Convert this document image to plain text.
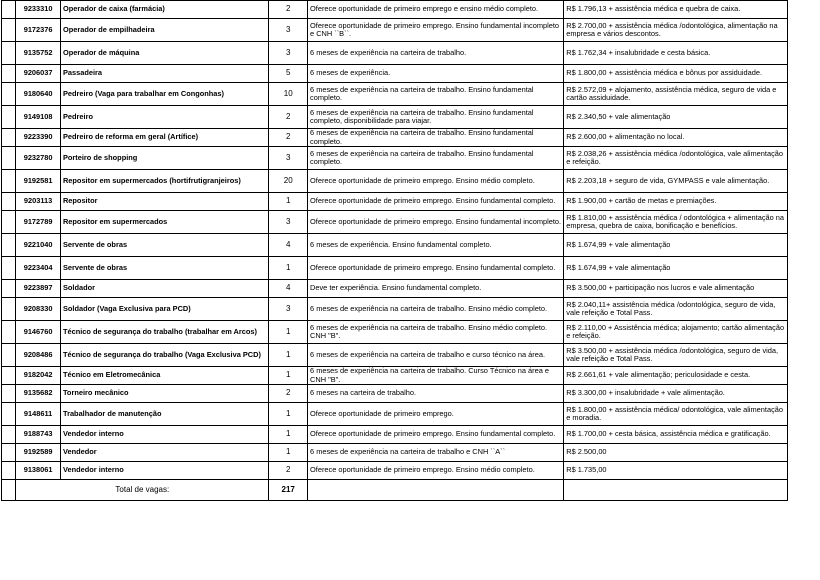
	9233310	Operador de caixa (farmácia)	2	Oferece oportunidade de primeiro emprego e ensino médio completo.	R$ 1.796,13 + assistência médica e quebra de caixa.
	9172376	Operador de empilhadeira	3	Oferece oportunidade de primeiro emprego. Ensino fundamental incompleto e CNH ``B``.	R$ 2.700,00 + assistência médica /odontológica, alimentação na empresa e vários descontos.
	9135752	Operador de máquina	3	6 meses de experiência na carteira de trabalho.	R$ 1.762,34 + insalubridade e cesta básica.
	9206037	Passadeira	5	6 meses de experiência.	R$ 1.800,00 + assistência médica e bônus por assiduidade.
	9180640	Pedreiro (Vaga para trabalhar em Congonhas)	10	6 meses de experiência na carteira de trabalho. Ensino fundamental completo.	R$ 2.572,09 + alojamento, assistência médica, seguro de vida e cartão assiduidade.
	9149108	Pedreiro	2	6 meses de experiência na carteira de trabalho. Ensino fundamental completo, disponibilidade para viajar.	R$ 2.340,50 + vale alimentação
	9223390	Pedreiro de reforma em geral (Artífice)	2	6 meses de experiência na carteira de trabalho. Ensino fundamental completo.	R$ 2.600,00 + alimentação no local.
	9232780	Porteiro de shopping	3	6 meses de experiência na carteira de trabalho. Ensino fundamental completo.	R$ 2.038,26 + assistência médica /odontológica, vale alimentação e refeição.
	9192581	Repositor em supermercados (hortifrutigranjeiros)	20	Oferece oportunidade de primeiro emprego. Ensino médio completo.	R$ 2.203,18 + seguro de vida, GYMPASS e vale alimentação.
	9203113	Repositor	1	Oferece oportunidade de primeiro emprego. Ensino fundamental completo.	R$ 1.900,00 + cartão de metas e premiações.
	9172789	Repositor em supermercados	3	Oferece oportunidade de primeiro emprego. Ensino fundamental incompleto.	R$ 1.810,00 + assistência médica / odontológica + alimentação na empresa, quebra de caixa, bonificação e benefícios.
	9221040	Servente de obras	4	6 meses de experiência. Ensino fundamental completo.	R$ 1.674,99 + vale alimentação
	9223404	Servente de obras	1	Oferece oportunidade de primeiro emprego. Ensino fundamental completo.	R$ 1.674,99 + vale alimentação
	9223897	Soldador	4	Deve ter experiência. Ensino fundamental completo.	R$ 3.500,00 + participação nos lucros e vale alimentação
	9208330	Soldador (Vaga Exclusiva para PCD)	3	6 meses de experiência na carteira de trabalho. Ensino médio completo.	R$ 2.040,11+ assistência médica /odontológica, seguro de vida, vale refeição e Total Pass.
	9146760	Técnico de segurança do trabalho (trabalhar em Arcos)	1	6 meses de experiência na carteira de trabalho. Ensino médio completo. CNH "B".	R$ 2.110,00 + Assistência médica; alojamento; cartão alimentação e refeição.
	9208486	Técnico de segurança do trabalho (Vaga Exclusiva PCD)	1	6 meses de experiência na carteira de trabalho e curso técnico na área.	R$ 3.500,00 + assistência médica /odontológica, seguro de vida, vale refeição e Total Pass.
	9182042	Técnico em Eletromecânica	1	6 meses de experiência na carteira de trabalho. Curso Técnico na área e CNH "B".	R$ 2.661,61 + vale alimentação; periculosidade e cesta.
	9135682	Torneiro mecânico	2	6 meses na carteira de trabalho.	R$ 3.300,00 + insalubridade + vale alimentação.
	9148611	Trabalhador de manutenção	1	Oferece oportunidade de primeiro emprego.	R$ 1.800,00 + assistência médica/ odontológica, vale alimentação e moradia.
	9188743	Vendedor interno	1	Oferece oportunidade de primeiro emprego. Ensino fundamental completo.	R$ 1.700,00 + cesta básica, assistência médica e gratificação.
	9192589	Vendedor	1	6 meses de experiência na carteira de trabalho e CNH ``A``	R$ 2.500,00
	9138061	Vendedor interno	2	Oferece oportunidade de primeiro emprego. Ensino médio completo.	R$ 1.735,00
	Total de vagas:		217		
